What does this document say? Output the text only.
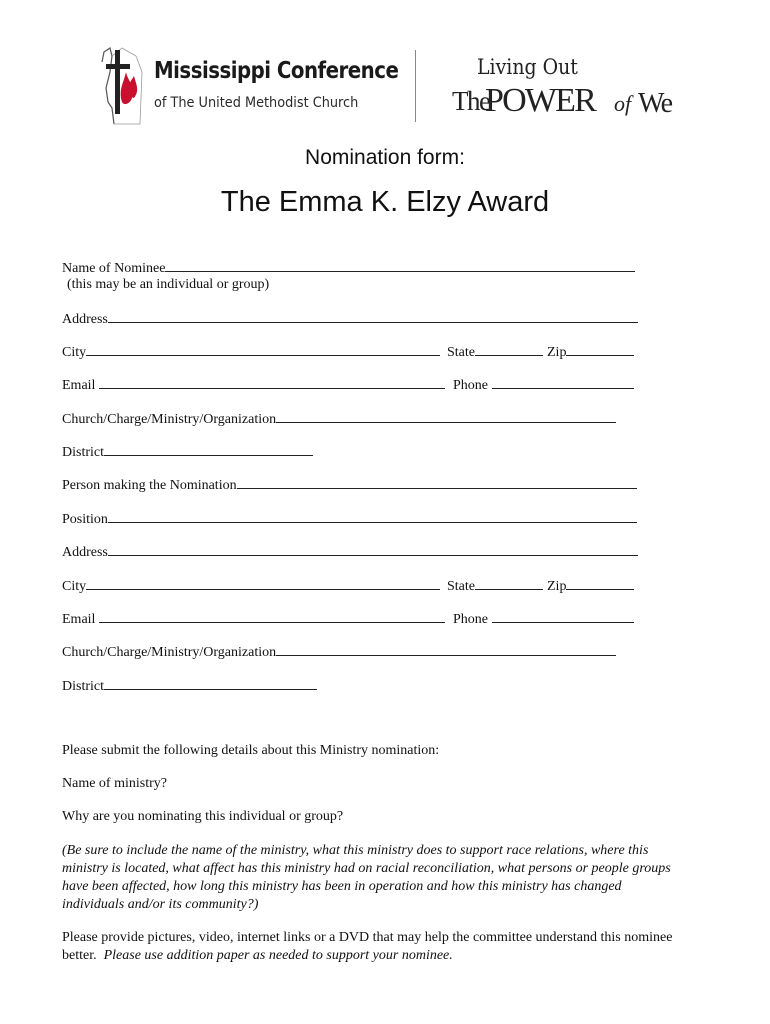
Mississippi Conference
of The United Methodist Church
Living Out
The
POWER of We
Nomination form:
The Emma K. Elzy Award
Name of Nominee
(this may be an individual or group)
Address
City	State	Zip
Email	Phone
Church/Charge/Ministry/Organization
District
Person making the Nomination
Position
Address
City	State	Zip
Email	Phone
Church/Charge/Ministry/Organization
District
Please submit the following details about this Ministry nomination:
Name of ministry?
Why are you nominating this individual or group?
(Be sure to include the name of the ministry, what this ministry does to support race relations, where this
ministry is located, what affect has this ministry had on racial reconciliation, what persons or people groups
have been affected, how long this ministry has been in operation and how this ministry has changed
individuals and/or its community?)
Please provide pictures, video, internet links or a DVD that may help the committee understand this nominee
better. Please use addition paper as needed to support your nominee.
